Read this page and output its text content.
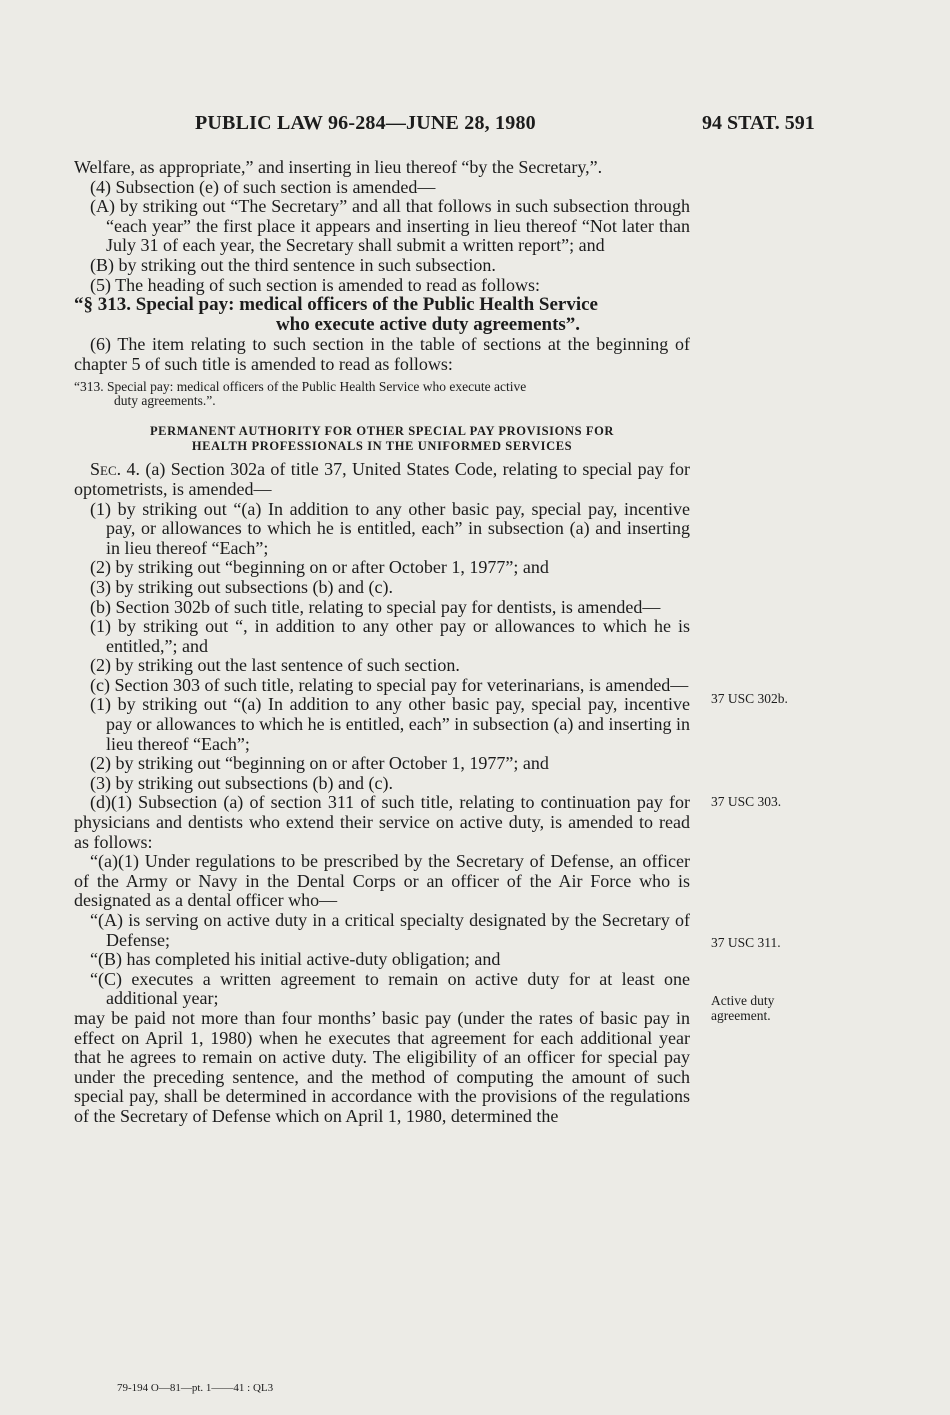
PUBLIC LAW 96-284—JUNE 28, 1980	94 STAT. 591

Welfare, as appropriate,” and inserting in lieu thereof “by the Secretary,”.

(4) Subsection (e) of such section is amended—

(A) by striking out “The Secretary” and all that follows in such subsection through “each year” the first place it appears and inserting in lieu thereof “Not later than July 31 of each year, the Secretary shall submit a written report”; and

(B) by striking out the third sentence in such subsection.

(5) The heading of such section is amended to read as follows:

“§ 313. Special pay: medical officers of the Public Health Service
who execute active duty agreements”.

(6) The item relating to such section in the table of sections at the beginning of chapter 5 of such title is amended to read as follows:

“313. Special pay: medical officers of the Public Health Service who execute active
duty agreements.”.

PERMANENT AUTHORITY FOR OTHER SPECIAL PAY PROVISIONS FOR
HEALTH PROFESSIONALS IN THE UNIFORMED SERVICES

Sec. 4. (a) Section 302a of title 37, United States Code, relating to special pay for optometrists, is amended—

(1) by striking out “(a) In addition to any other basic pay, special pay, incentive pay, or allowances to which he is entitled, each” in subsection (a) and inserting in lieu thereof “Each”;

(2) by striking out “beginning on or after October 1, 1977”; and

(3) by striking out subsections (b) and (c).

(b) Section 302b of such title, relating to special pay for dentists, is amended—

(1) by striking out “, in addition to any other pay or allowances to which he is entitled,”; and

(2) by striking out the last sentence of such section.

(c) Section 303 of such title, relating to special pay for veterinarians, is amended—

(1) by striking out “(a) In addition to any other basic pay, special pay, incentive pay or allowances to which he is entitled, each” in subsection (a) and inserting in lieu thereof “Each”;

(2) by striking out “beginning on or after October 1, 1977”; and

(3) by striking out subsections (b) and (c).

(d)(1) Subsection (a) of section 311 of such title, relating to continuation pay for physicians and dentists who extend their service on active duty, is amended to read as follows:

“(a)(1) Under regulations to be prescribed by the Secretary of Defense, an officer of the Army or Navy in the Dental Corps or an officer of the Air Force who is designated as a dental officer who—

“(A) is serving on active duty in a critical specialty designated by the Secretary of Defense;

“(B) has completed his initial active-duty obligation; and

“(C) executes a written agreement to remain on active duty for at least one additional year;

may be paid not more than four months’ basic pay (under the rates of basic pay in effect on April 1, 1980) when he executes that agreement for each additional year that he agrees to remain on active duty. The eligibility of an officer for special pay under the preceding sentence, and the method of computing the amount of such special pay, shall be determined in accordance with the provisions of the regulations of the Secretary of Defense which on April 1, 1980, determined the

37 USC 302b.
37 USC 303.
37 USC 311.
Active duty
agreement.
79-194 O—81—pt. 1——41 : QL3
